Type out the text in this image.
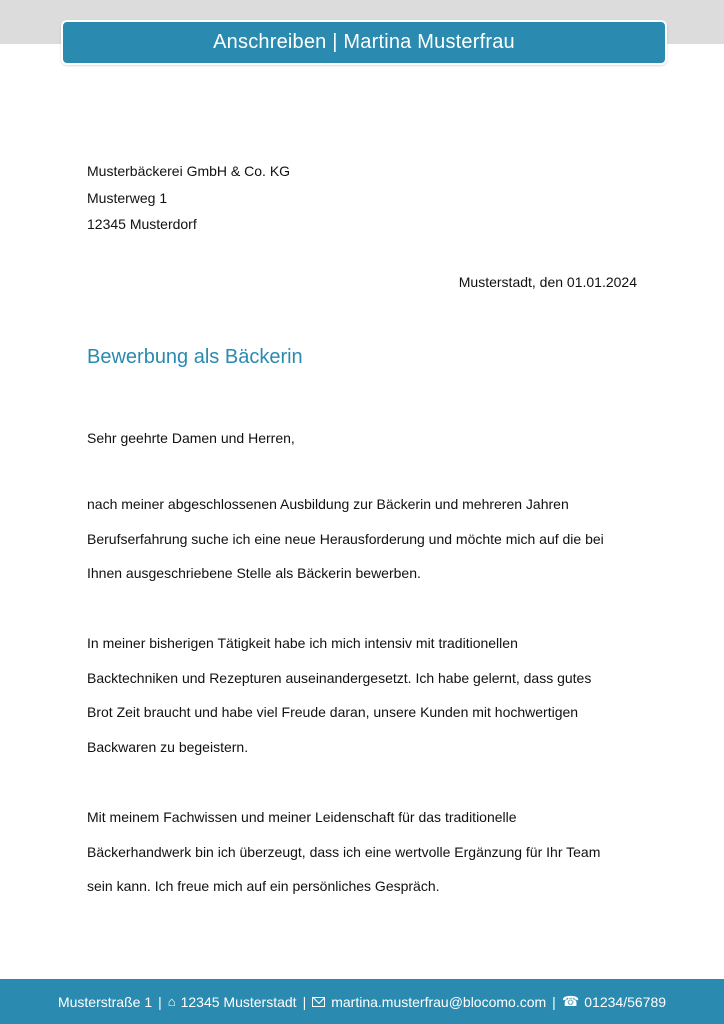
Anschreiben | Martina Musterfrau
Musterbäckerei GmbH & Co. KG
Musterweg 1
12345 Musterdorf
Musterstadt, den 01.01.2024
Bewerbung als Bäckerin
Sehr geehrte Damen und Herren,
nach meiner abgeschlossenen Ausbildung zur Bäckerin und mehreren Jahren
Berufserfahrung suche ich eine neue Herausforderung und möchte mich auf die bei
Ihnen ausgeschriebene Stelle als Bäckerin bewerben.
In meiner bisherigen Tätigkeit habe ich mich intensiv mit traditionellen
Backtechniken und Rezepturen auseinandergesetzt. Ich habe gelernt, dass gutes
Brot Zeit braucht und habe viel Freude daran, unsere Kunden mit hochwertigen
Backwaren zu begeistern.
Mit meinem Fachwissen und meiner Leidenschaft für das traditionelle
Bäckerhandwerk bin ich überzeugt, dass ich eine wertvolle Ergänzung für Ihr Team
sein kann. Ich freue mich auf ein persönliches Gespräch.
Musterstraße 1 | ⌂ 12345 Musterstadt | martina.musterfrau@blocomo.com | ☎ 01234/56789
